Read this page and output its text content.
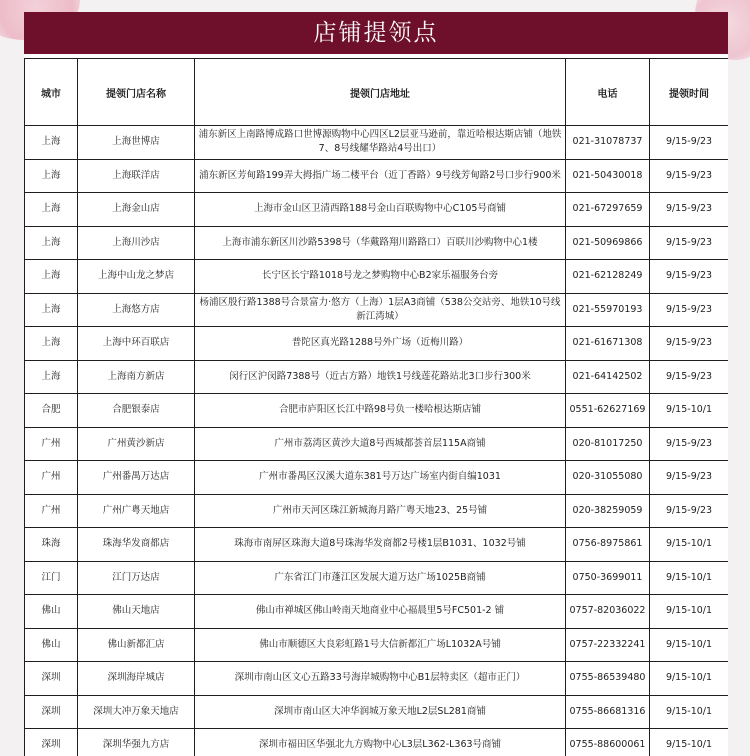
店铺提领点
城市	提领门店名称	提领门店地址	电话	提领时间
上海	上海世博店	浦东新区上南路博成路口世博源购物中心四区L2层亚马逊前，靠近哈根达斯店铺（地铁7、8号线耀华路站4号出口）	021-31078737	9/15-9/23
上海	上海联洋店	浦东新区芳甸路199弄大拇指广场二楼平台（近丁香路）9号线芳甸路2号口步行900米	021-50430018	9/15-9/23
上海	上海金山店	上海市金山区卫清西路188号金山百联购物中心C105号商铺	021-67297659	9/15-9/23
上海	上海川沙店	上海市浦东新区川沙路5398号（华戴路翔川路路口）百联川沙购物中心1楼	021-50969866	9/15-9/23
上海	上海中山龙之梦店	长宁区长宁路1018号龙之梦购物中心B2家乐福服务台旁	021-62128249	9/15-9/23
上海	上海悠方店	杨浦区殷行路1388号合景富力·悠方（上海）1层A3商铺（538公交站旁、地铁10号线新江湾城）	021-55970193	9/15-9/23
上海	上海中环百联店	普陀区真光路1288号外广场（近梅川路）	021-61671308	9/15-9/23
上海	上海南方新店	闵行区沪闵路7388号（近古方路）地铁1号线莲花路站北3口步行300米	021-64142502	9/15-9/23
合肥	合肥银泰店	合肥市庐阳区长江中路98号负一楼哈根达斯店铺	0551-62627169	9/15-10/1
广州	广州黄沙新店	广州市荔湾区黄沙大道8号西城都荟首层115A商铺	020-81017250	9/15-9/23
广州	广州番禺万达店	广州市番禺区汉溪大道东381号万达广场室内街自编1031	020-31055080	9/15-9/23
广州	广州广粤天地店	广州市天河区珠江新城海月路广粤天地23、25号铺	020-38259059	9/15-9/23
珠海	珠海华发商都店	珠海市南屏区珠海大道8号珠海华发商都2号楼1层B1031、1032号铺	0756-8975861	9/15-10/1
江门	江门万达店	广东省江门市蓬江区发展大道万达广场1025B商铺	0750-3699011	9/15-10/1
佛山	佛山天地店	佛山市禅城区佛山岭南天地商业中心福晨里5号FC501-2 铺	0757-82036022	9/15-10/1
佛山	佛山新都汇店	佛山市顺德区大良彩虹路1号大信新都汇广场L1032A号铺	0757-22332241	9/15-10/1
深圳	深圳海岸城店	深圳市南山区文心五路33号海岸城购物中心B1层特卖区（超市正门）	0755-86539480	9/15-10/1
深圳	深圳大冲万象天地店	深圳市南山区大冲华润城万象天地L2层SL281商铺	0755-86681316	9/15-10/1
深圳	深圳华强九方店	深圳市福田区华强北九方购物中心L3层L362-L363号商铺	0755-88600061	9/15-10/1
